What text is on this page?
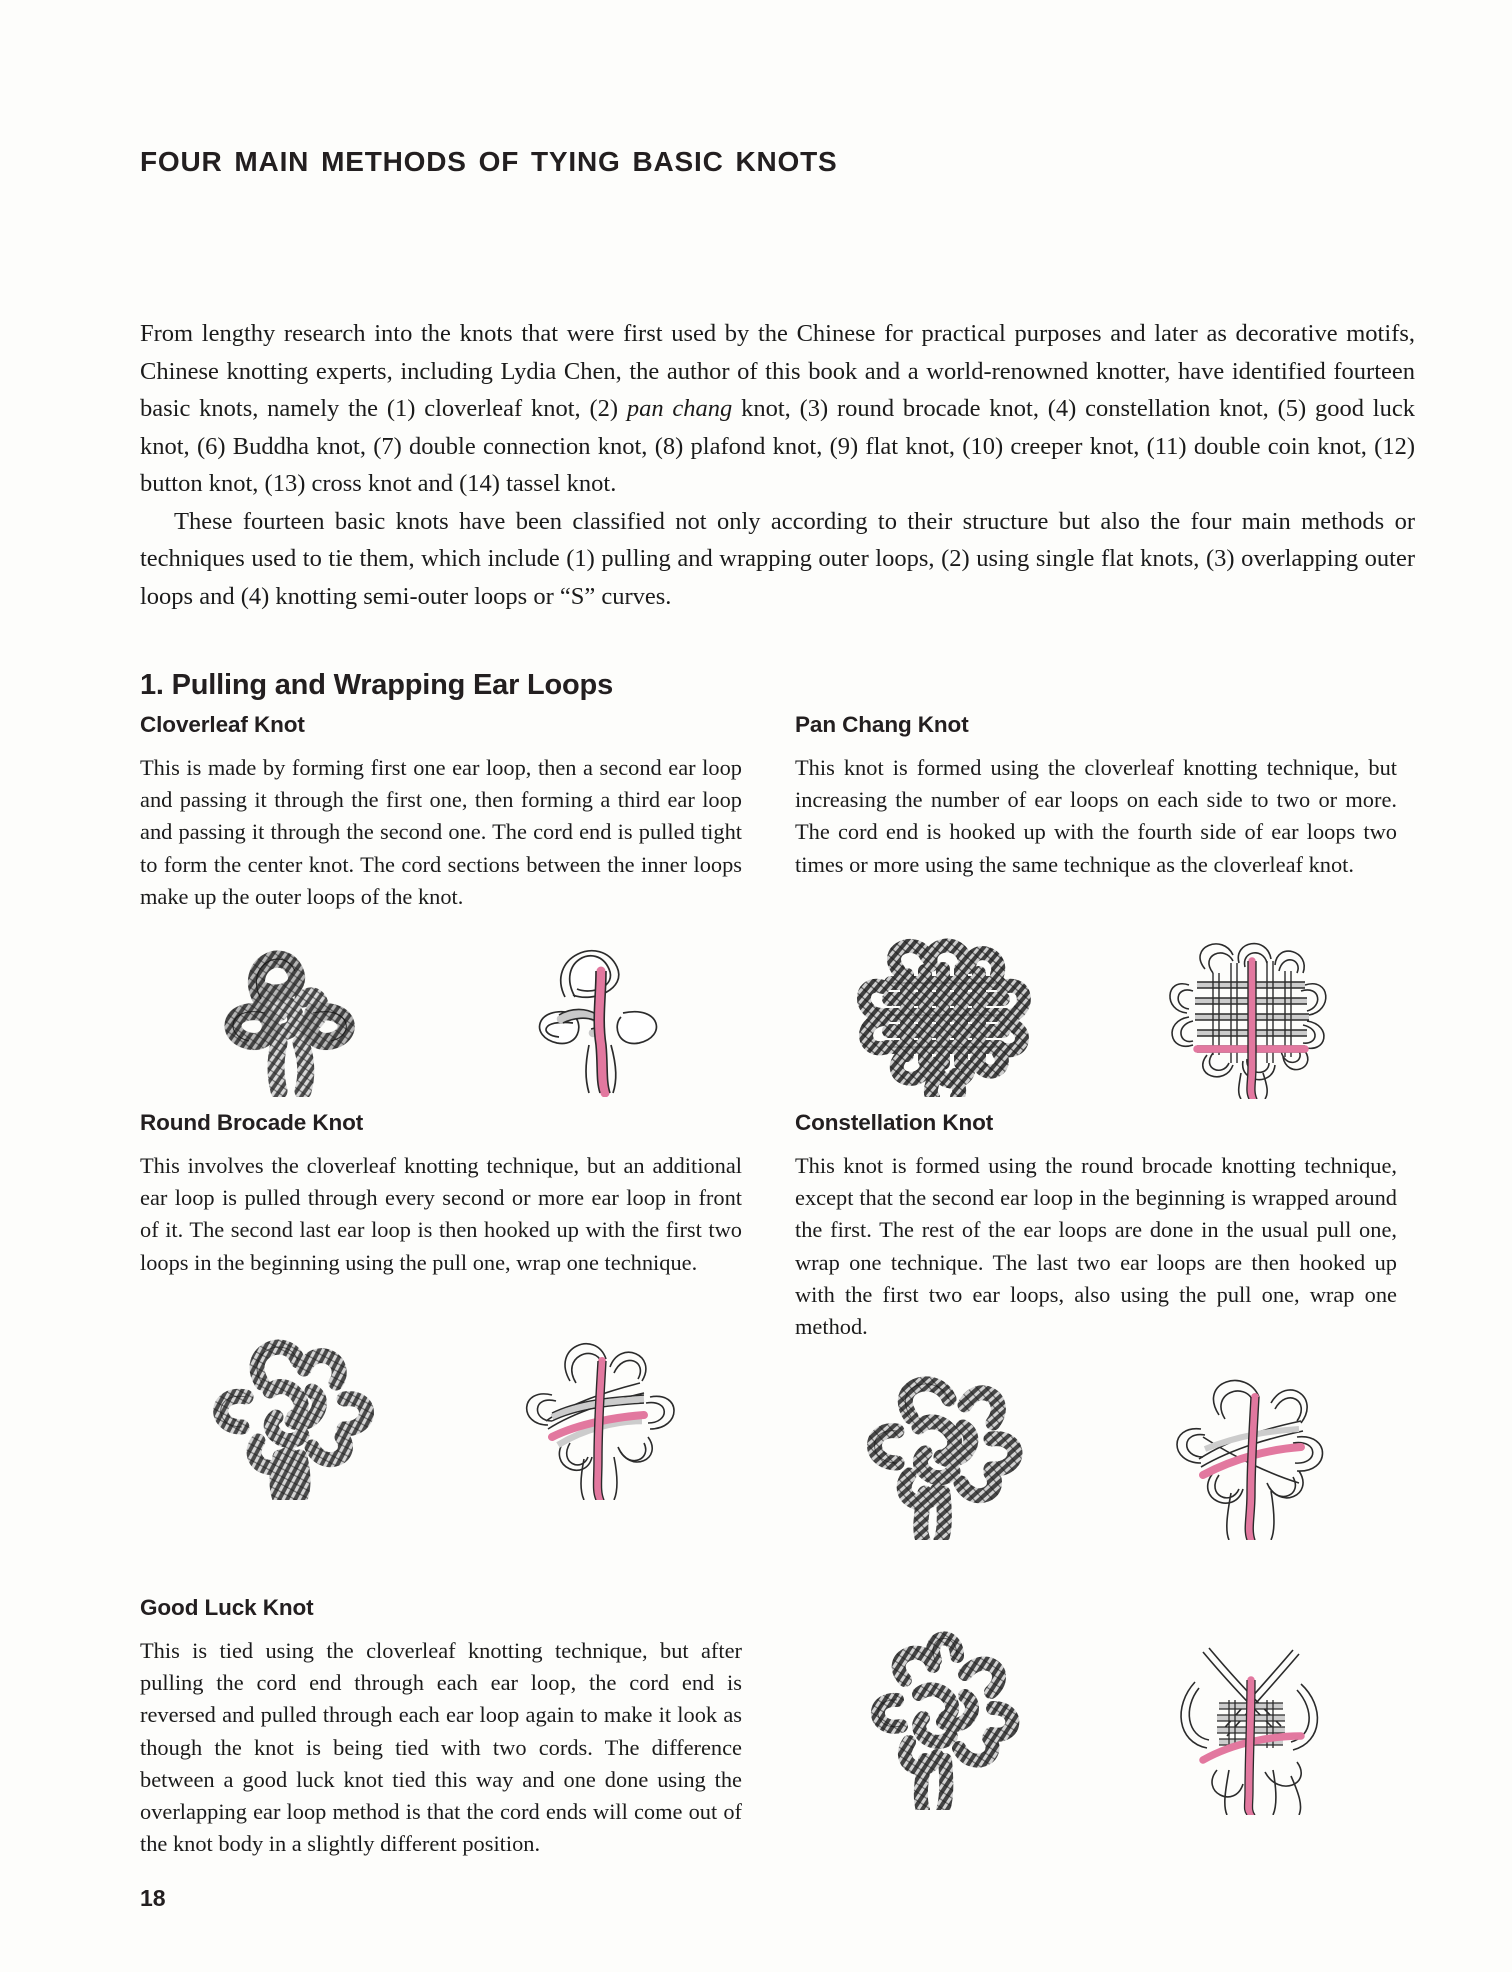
four main methods of tying basic knots

From lengthy research into the knots that were first used by the Chinese for practical purposes and later as decorative motifs, Chinese knotting experts, including Lydia Chen, the author of this book and a world-renowned knotter, have identified fourteen basic knots, namely the (1) cloverleaf knot, (2) pan chang knot, (3) round brocade knot, (4) constellation knot, (5) good luck knot, (6) Buddha knot, (7) double connection knot, (8) plafond knot, (9) flat knot, (10) creeper knot, (11) double coin knot, (12) button knot, (13) cross knot and (14) tassel knot.

These fourteen basic knots have been classified not only according to their structure but also the four main methods or techniques used to tie them, which include (1) pulling and wrapping outer loops, (2) using single flat knots, (3) overlapping outer loops and (4) knotting semi-outer loops or “S” curves.

1. Pulling and Wrapping Ear Loops
Cloverleaf Knot

This is made by forming first one ear loop, then a second ear loop and passing it through the first one, then forming a third ear loop and passing it through the second one. The cord end is pulled tight to form the center knot. The cord sections between the inner loops make up the outer loops of the knot.

Pan Chang Knot

This knot is formed using the cloverleaf knotting technique, but increasing the number of ear loops on each side to two or more. The cord end is hooked up with the fourth side of ear loops two times or more using the same technique as the cloverleaf knot.

Round Brocade Knot

This involves the cloverleaf knotting technique, but an additional ear loop is pulled through every second or more ear loop in front of it. The second last ear loop is then hooked up with the first two loops in the beginning using the pull one, wrap one technique.

Constellation Knot

This knot is formed using the round brocade knotting technique, except that the second ear loop in the beginning is wrapped around the first. The rest of the ear loops are done in the usual pull one, wrap one technique. The last two ear loops are then hooked up with the first two ear loops, also using the pull one, wrap one method.

Good Luck Knot

This is tied using the cloverleaf knotting technique, but after pulling the cord end through each ear loop, the cord end is reversed and pulled through each ear loop again to make it look as though the knot is being tied with two cords. The difference between a good luck knot tied this way and one done using the overlapping ear loop method is that the cord ends will come out of the knot body in a slightly different position.

18
